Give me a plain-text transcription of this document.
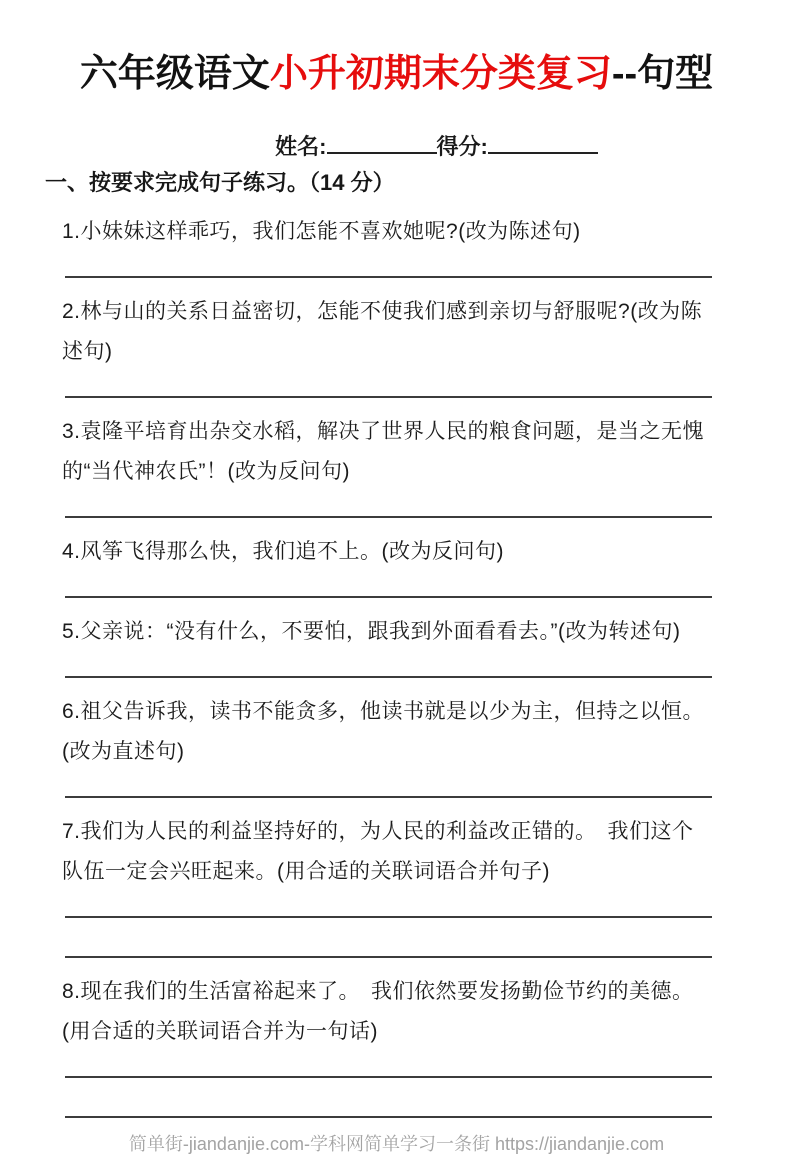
六年级语文小升初期末分类复习--句型
姓名:	得分:
一、按要求完成句子练习。（14 分）
1.小妹妹这样乖巧，我们怎能不喜欢她呢?(改为陈述句)
2.林与山的关系日益密切，怎能不使我们感到亲切与舒服呢?(改为陈述句)
3.袁隆平培育出杂交水稻，解决了世界人民的粮食问题，是当之无愧的“当代神农氏”！(改为反问句)
4.风筝飞得那么快，我们追不上。(改为反问句)
5.父亲说：“没有什么，不要怕，跟我到外面看看去。”(改为转述句)
6.祖父告诉我，读书不能贪多，他读书就是以少为主，但持之以恒。(改为直述句)
7.我们为人民的利益坚持好的，为人民的利益改正错的。　我们这个队伍一定会兴旺起来。(用合适的关联词语合并句子)
8.现在我们的生活富裕起来了。　我们依然要发扬勤俭节约的美德。(用合适的关联词语合并为一句话)
简单街-jiandanjie.com-学科网简单学习一条街 https://jiandanjie.com
